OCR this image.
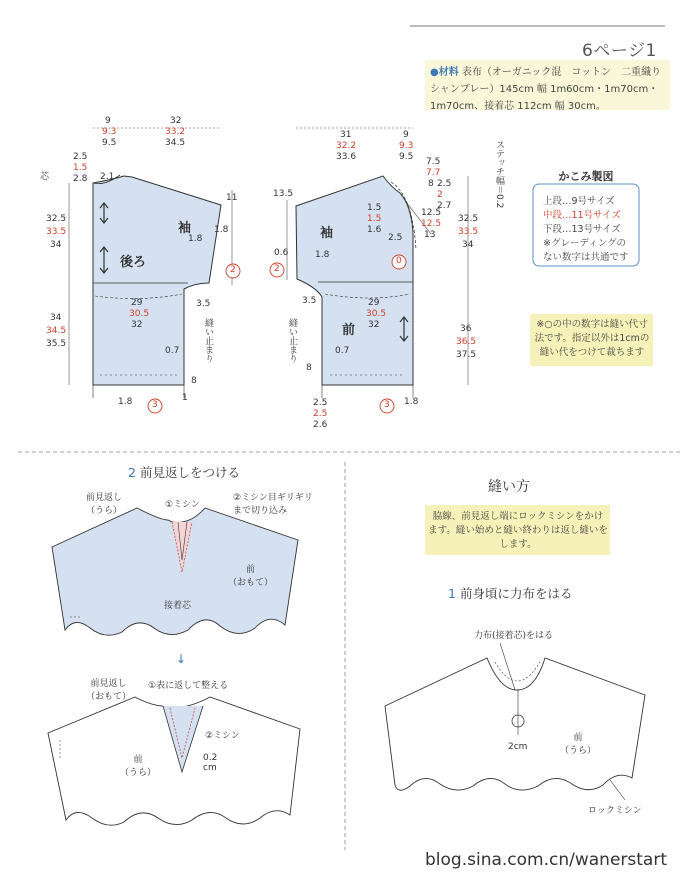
6ページ1
●材料 表布（オーガニック混　コットン　二重織り　シャンブレー）145cm 幅 1m60cm・1m70cm・1m70cm、接着芯 112cm 幅 30cm。
かこみ製図
上段…9号サイズ
中段…11号サイズ
下段…13号サイズ
※グレーディングの
ない数字は共通です
※○の中の数字は縫い代寸法です。指定以外は1cmの縫い代をつけて裁ちます
袖
後ろ
縫い止まり
芯
9
9.3
9.5
32
33.2
34.5
2.5
1.5
2.8 2.1
11
32.5
33.5
34
34
34.5
35.5
29
30.5
32
1.8
1.8
3.5
0.7
8
1.8	1
2
3
袖
前
縫い止まり
ステッチ幅＝0.2
31
32.2
33.6
9
9.3
9.5
13.5
7.5
7.7
8 2.5
2
2.7
1.5
1.5
1.6
12.5
12.5
13
32.5
33.5
34
36
36.5
37.5
29
30.5
32
0.6	1.8
3.5
0.7
8
2.5
1.8
2.5
2.5
2.6
0
2
3
2 前見返しをつける
前見返し
（うら）
①ミシン
②ミシン目ギリギリ
まで切り込み
前
（おもて）
接着芯
↓
前見返し
（おもて）
①表に返して整える
②ミシン
前
（うら）
0.2
cm
縫い方
脇線、前見返し端にロックミシンをかけます。縫い始めと縫い終わりは返し縫いをします。
1 前身頃に力布をはる
力布(接着芯)をはる
2cm
前
（うら）
ロックミシン
blog.sina.com.cn/wanerstart
